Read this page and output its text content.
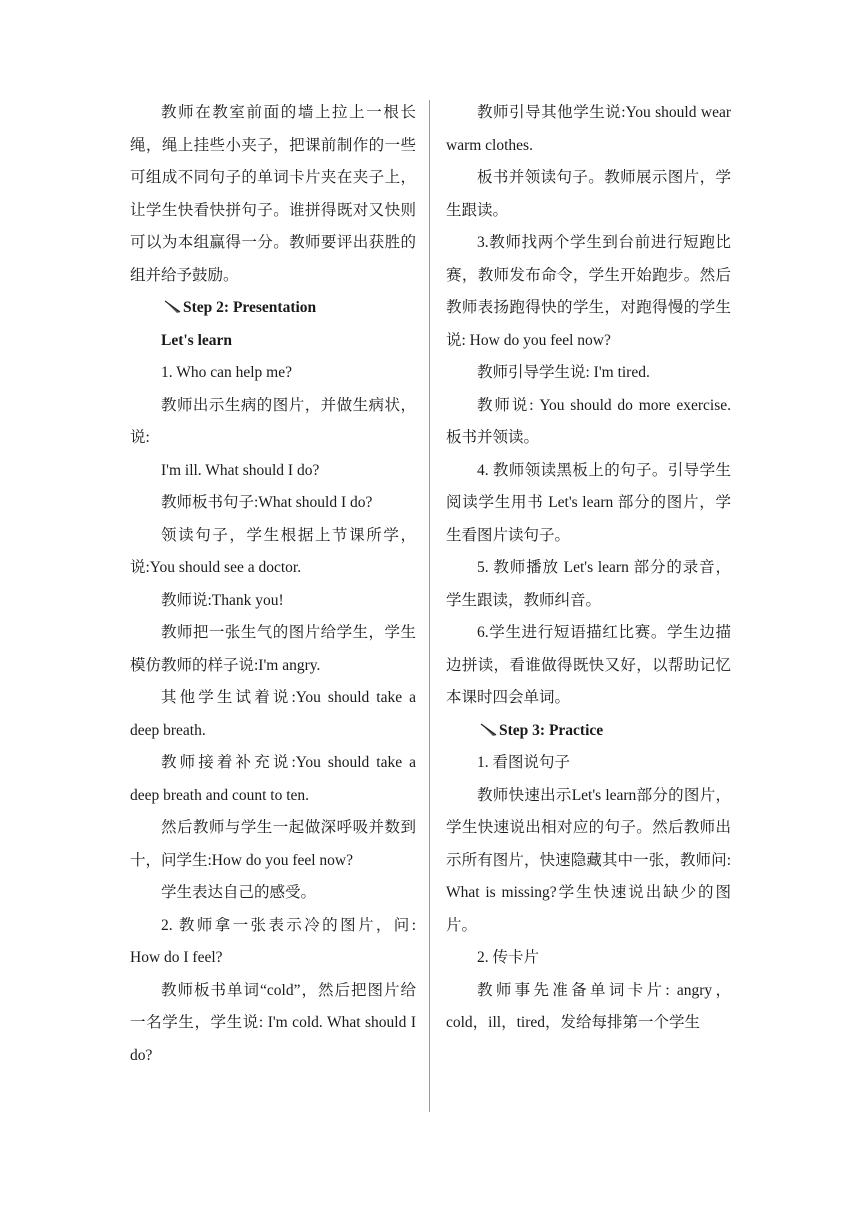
教师在教室前面的墙上拉上一根长绳，绳上挂些小夹子，把课前制作的一些可组成不同句子的单词卡片夹在夹子上，让学生快看快拼句子。谁拼得既对又快则可以为本组赢得一分。教师要评出获胜的组并给予鼓励。

Step 2: Presentation

Let's learn

1. Who can help me?

教师出示生病的图片，并做生病状，说:

I'm ill. What should I do?

教师板书句子:What should I do?

领读句子，学生根据上节课所学，说:You should see a doctor.

教师说:Thank you!

教师把一张生气的图片给学生，学生模仿教师的样子说:I'm angry.

其他学生试着说:You should take a deep breath.

教师接着补充说:You should take a deep breath and count to ten.

然后教师与学生一起做深呼吸并数到十，问学生:How do you feel now?

学生表达自己的感受。

2. 教师拿一张表示冷的图片，问: How do I feel?

教师板书单词“cold”，然后把图片给一名学生，学生说: I'm cold. What should I do?

教师引导其他学生说:You should wear warm clothes.

板书并领读句子。教师展示图片，学生跟读。

3.教师找两个学生到台前进行短跑比赛，教师发布命令，学生开始跑步。然后教师表扬跑得快的学生，对跑得慢的学生说: How do you feel now?

教师引导学生说: I'm tired.

教师说: You should do more exercise.板书并领读。

4. 教师领读黑板上的句子。引导学生阅读学生用书 Let's learn 部分的图片，学生看图片读句子。

5. 教师播放 Let's learn 部分的录音，学生跟读，教师纠音。

6.学生进行短语描红比赛。学生边描边拼读，看谁做得既快又好，以帮助记忆本课时四会单词。

Step 3: Practice

1. 看图说句子

教师快速出示Let's learn部分的图片，学生快速说出相对应的句子。然后教师出示所有图片，快速隐藏其中一张，教师问: What is missing?学生快速说出缺少的图片。

2. 传卡片

教师事先准备单词卡片: angry，cold，ill，tired，发给每排第一个学生
